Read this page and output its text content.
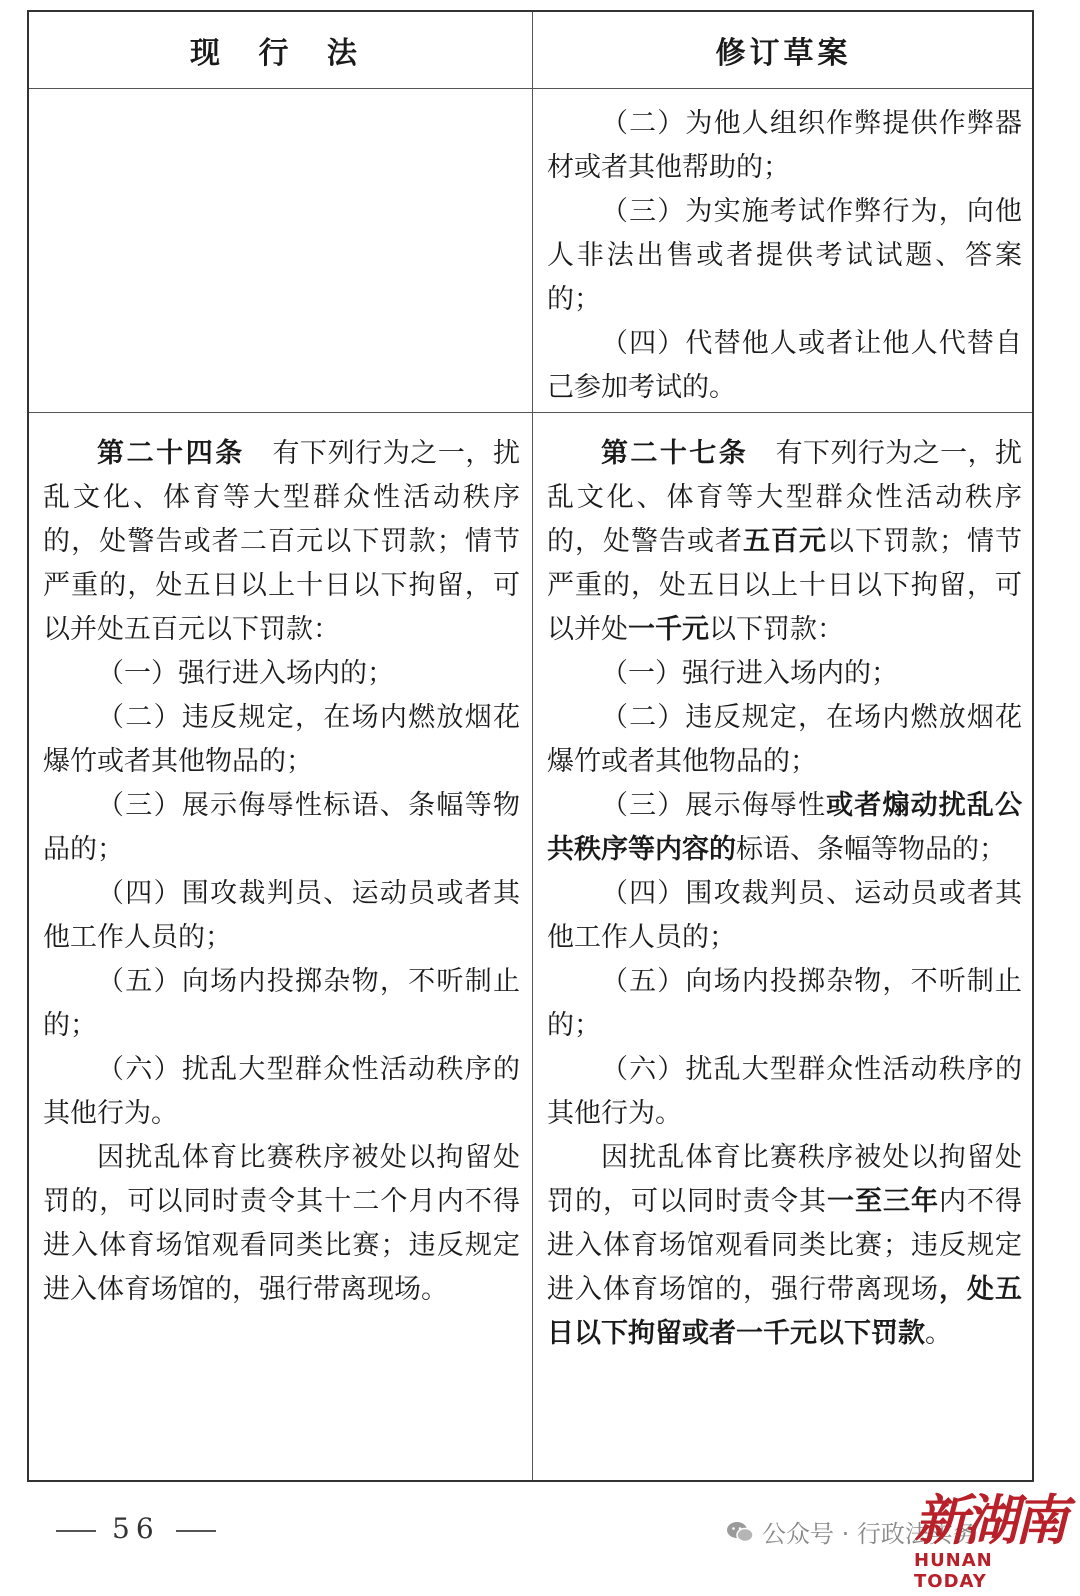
现 行 法	修订草案

（二）为他人组织作弊提供作弊器材或者其他帮助的；

（三）为实施考试作弊行为，向他人非法出售或者提供考试试题、答案的；

（四）代替他人或者让他人代替自己参加考试的。

第二十四条　 有下列行为之一，扰乱文化、体育等大型群众性活动秩序的，处警告或者二百元以下罚款；情节严重的，处五日以上十日以下拘留，可以并处五百元以下罚款：

（一）强行进入场内的；

（二）违反规定，在场内燃放烟花爆竹或者其他物品的；

（三）展示侮辱性标语、条幅等物品的；

（四）围攻裁判员、运动员或者其他工作人员的；

（五）向场内投掷杂物，不听制止的；

（六）扰乱大型群众性活动秩序的其他行为。

因扰乱体育比赛秩序被处以拘留处罚的，可以同时责令其十二个月内不得进入体育场馆观看同类比赛；违反规定进入体育场馆的，强行带离现场。

第二十七条　 有下列行为之一，扰乱文化、体育等大型群众性活动秩序的，处警告或者五百元以下罚款；情节严重的，处五日以上十日以下拘留，可以并处一千元以下罚款：

（一）强行进入场内的；

（二）违反规定，在场内燃放烟花爆竹或者其他物品的；

（三）展示侮辱性或者煽动扰乱公共秩序等内容的标语、条幅等物品的；

（四）围攻裁判员、运动员或者其他工作人员的；

（五）向场内投掷杂物，不听制止的；

（六）扰乱大型群众性活动秩序的其他行为。

因扰乱体育比赛秩序被处以拘留处罚的，可以同时责令其一至三年内不得进入体育场馆观看同类比赛；违反规定进入体育场馆的，强行带离现场，处五日以下拘留或者一千元以下罚款。

56	公众号 · 行政法实务
新湖南
HUNAN TODAY
